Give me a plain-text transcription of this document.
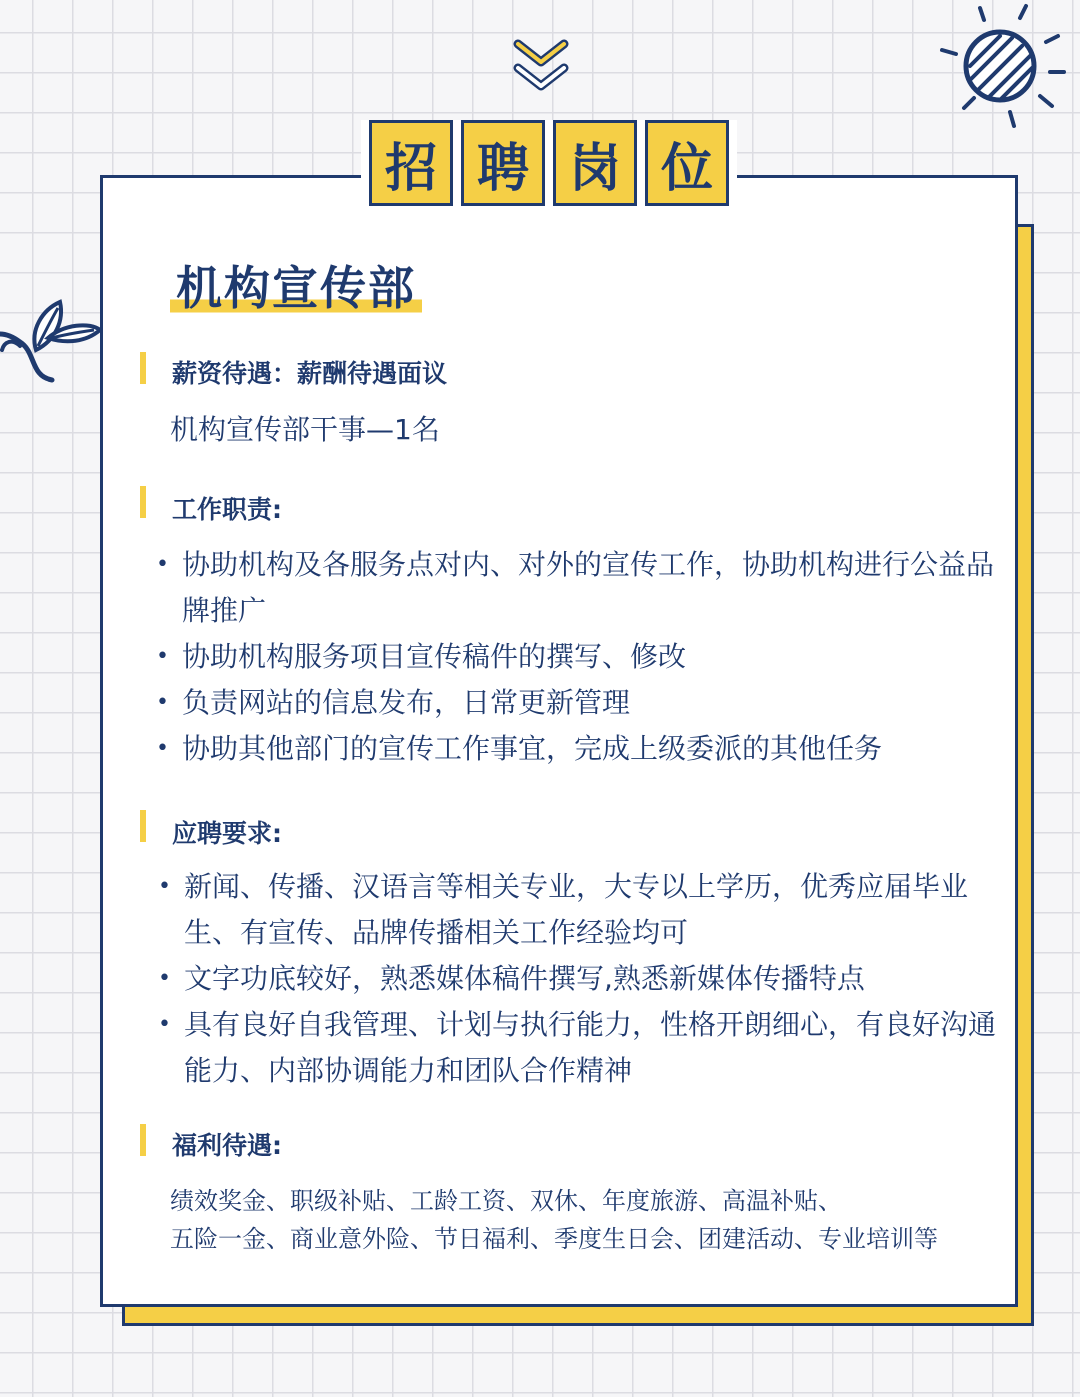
招 聘 岗 位
机构宣传部
薪资待遇：薪酬待遇面议
机构宣传部干事—1名
工作职责:
• 协助机构及各服务点对内、对外的宣传工作，协助机构进行公益品牌推广
• 协助机构服务项目宣传稿件的撰写、修改
• 负责网站的信息发布，日常更新管理
• 协助其他部门的宣传工作事宜，完成上级委派的其他任务
应聘要求:
• 新闻、传播、汉语言等相关专业，大专以上学历，优秀应届毕业生、有宣传、品牌传播相关工作经验均可
• 文字功底较好，熟悉媒体稿件撰写,熟悉新媒体传播特点
• 具有良好自我管理、计划与执行能力，性格开朗细心，有良好沟通能力、内部协调能力和团队合作精神
福利待遇:
绩效奖金、职级补贴、工龄工资、双休、年度旅游、高温补贴、
五险一金、商业意外险、节日福利、季度生日会、团建活动、专业培训等
